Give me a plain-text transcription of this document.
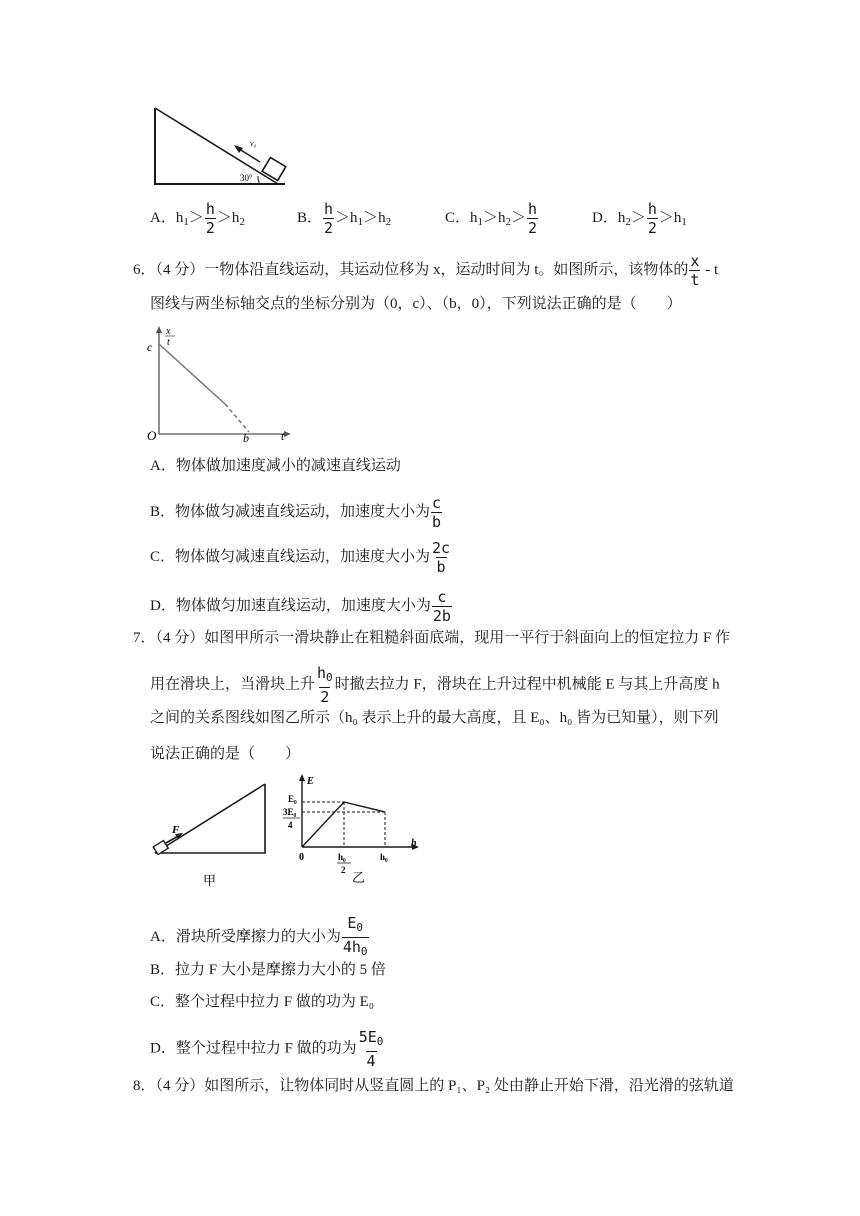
v₀
30°
A．$h_1> \frac{h}{2} >h_2$	B． $\frac{h}{2} >h_1>h_2$	C．$h_1>h_2> \frac{h}{2}$	D．$h_2> \frac{h}{2} >h_1$
6．（4 分）一物体沿直线运动，其运动位移为 x，运动时间为 t。如图所示，该物体的 $\frac{x}{t}$ - t
图线与两坐标轴交点的坐标分别为（0，c）、（b，0），下列说法正确的是（　　）
x
t
c
O	b	t
A．物体做加速度减小的减速直线运动
B．物体做匀减速直线运动，加速度大小为 $\frac{c}{b}$
C．物体做匀减速直线运动，加速度大小为 $\frac{2c}{b}$
D．物体做匀加速直线运动，加速度大小为 $\frac{c}{2b}$
7．（4 分）如图甲所示一滑块静止在粗糙斜面底端，现用一平行于斜面向上的恒定拉力 F 作
用在滑块上，当滑块上升 $\frac{h_0}{2}$ 时撤去拉力 F，滑块在上升过程中机械能 E 与其上升高度 h
之间的关系图线如图乙所示（h₀ 表示上升的最大高度，且 E₀、h₀ 皆为已知量），则下列
说法正确的是（　　）
F
甲
E
E₀
3E₀
4
0	h₀
2
h₀
h
乙
A．滑块所受摩擦力的大小为 $\frac{E_0}{4h_0}$
B．拉力 F 大小是摩擦力大小的 5 倍
C．整个过程中拉力 F 做的功为 E₀
D．整个过程中拉力 F 做的功为 $\frac{5E_0}{4}$
8．（4 分）如图所示，让物体同时从竖直圆上的 P₁、P₂ 处由静止开始下滑，沿光滑的弦轨道
